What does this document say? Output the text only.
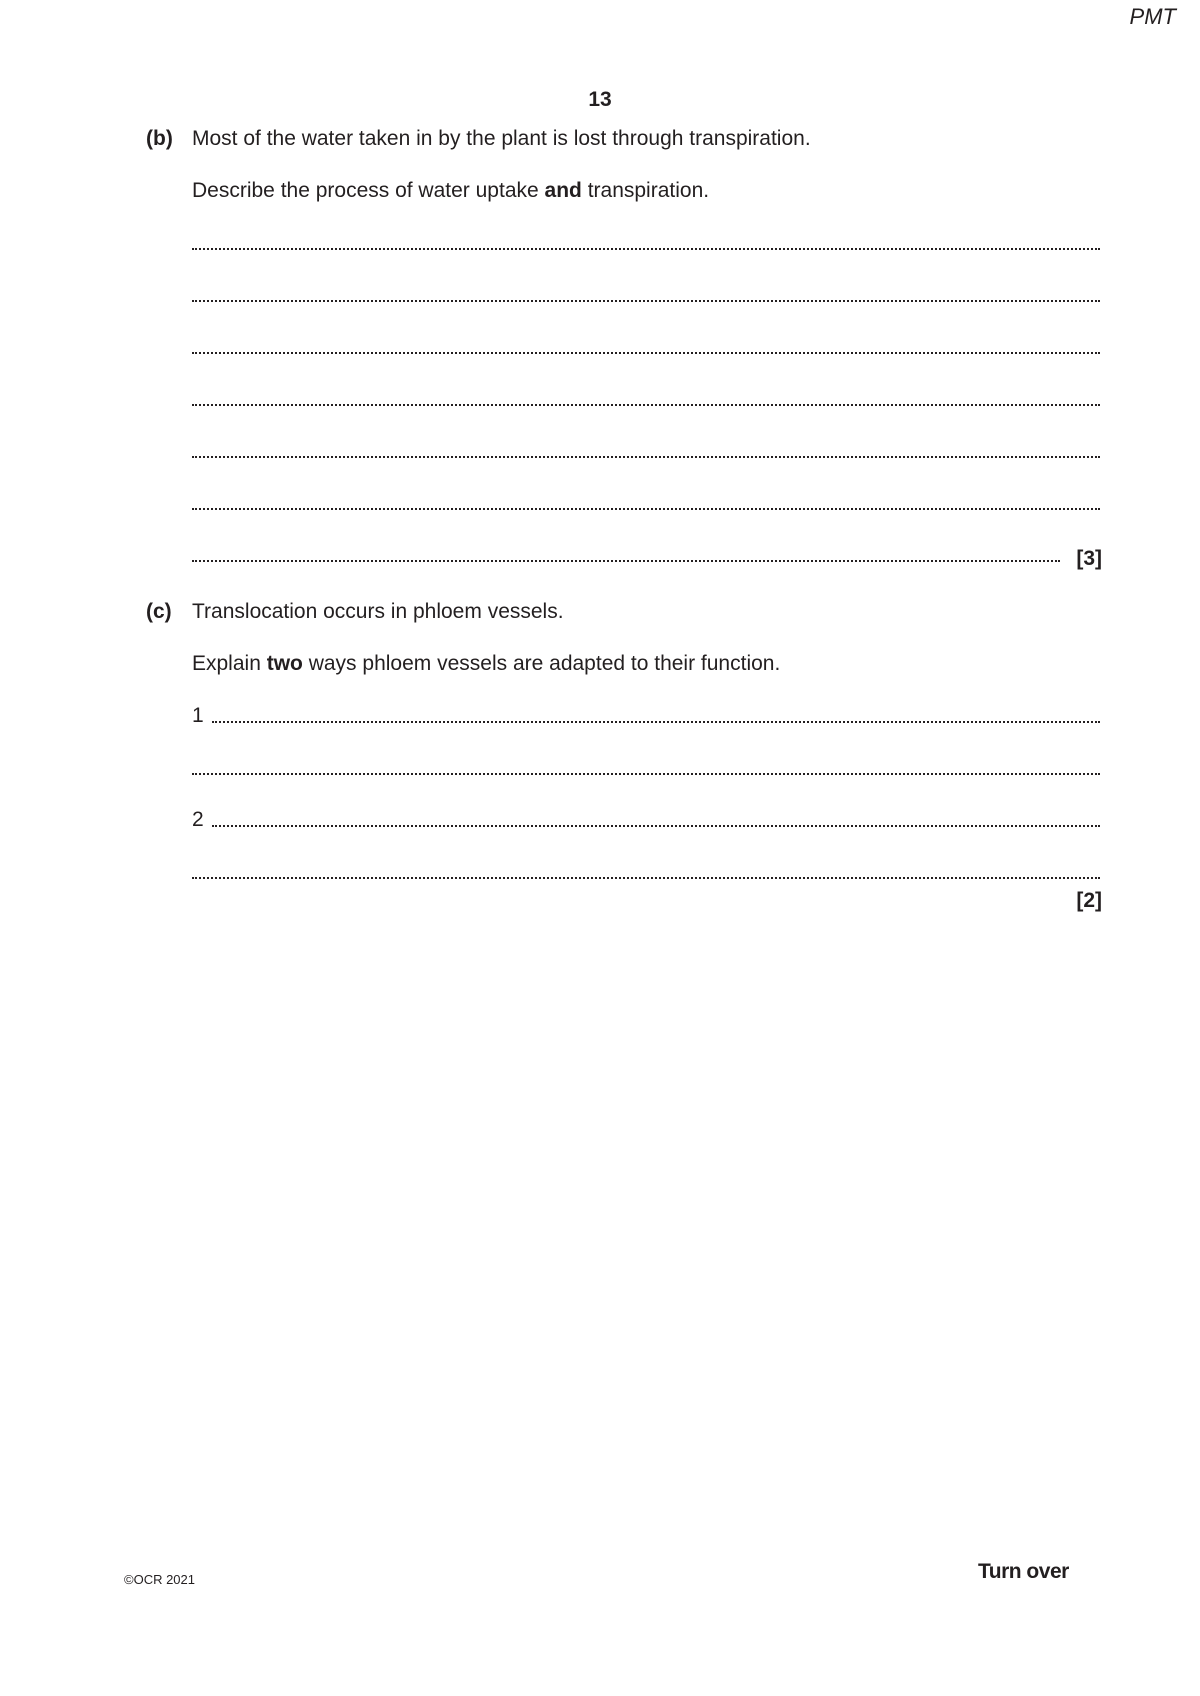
PMT
13
(b) Most of the water taken in by the plant is lost through transpiration.
Describe the process of water uptake and transpiration.
[3]
(c) Translocation occurs in phloem vessels.
Explain two ways phloem vessels are adapted to their function.
1
2
[2]
©OCR 2021	Turn over
